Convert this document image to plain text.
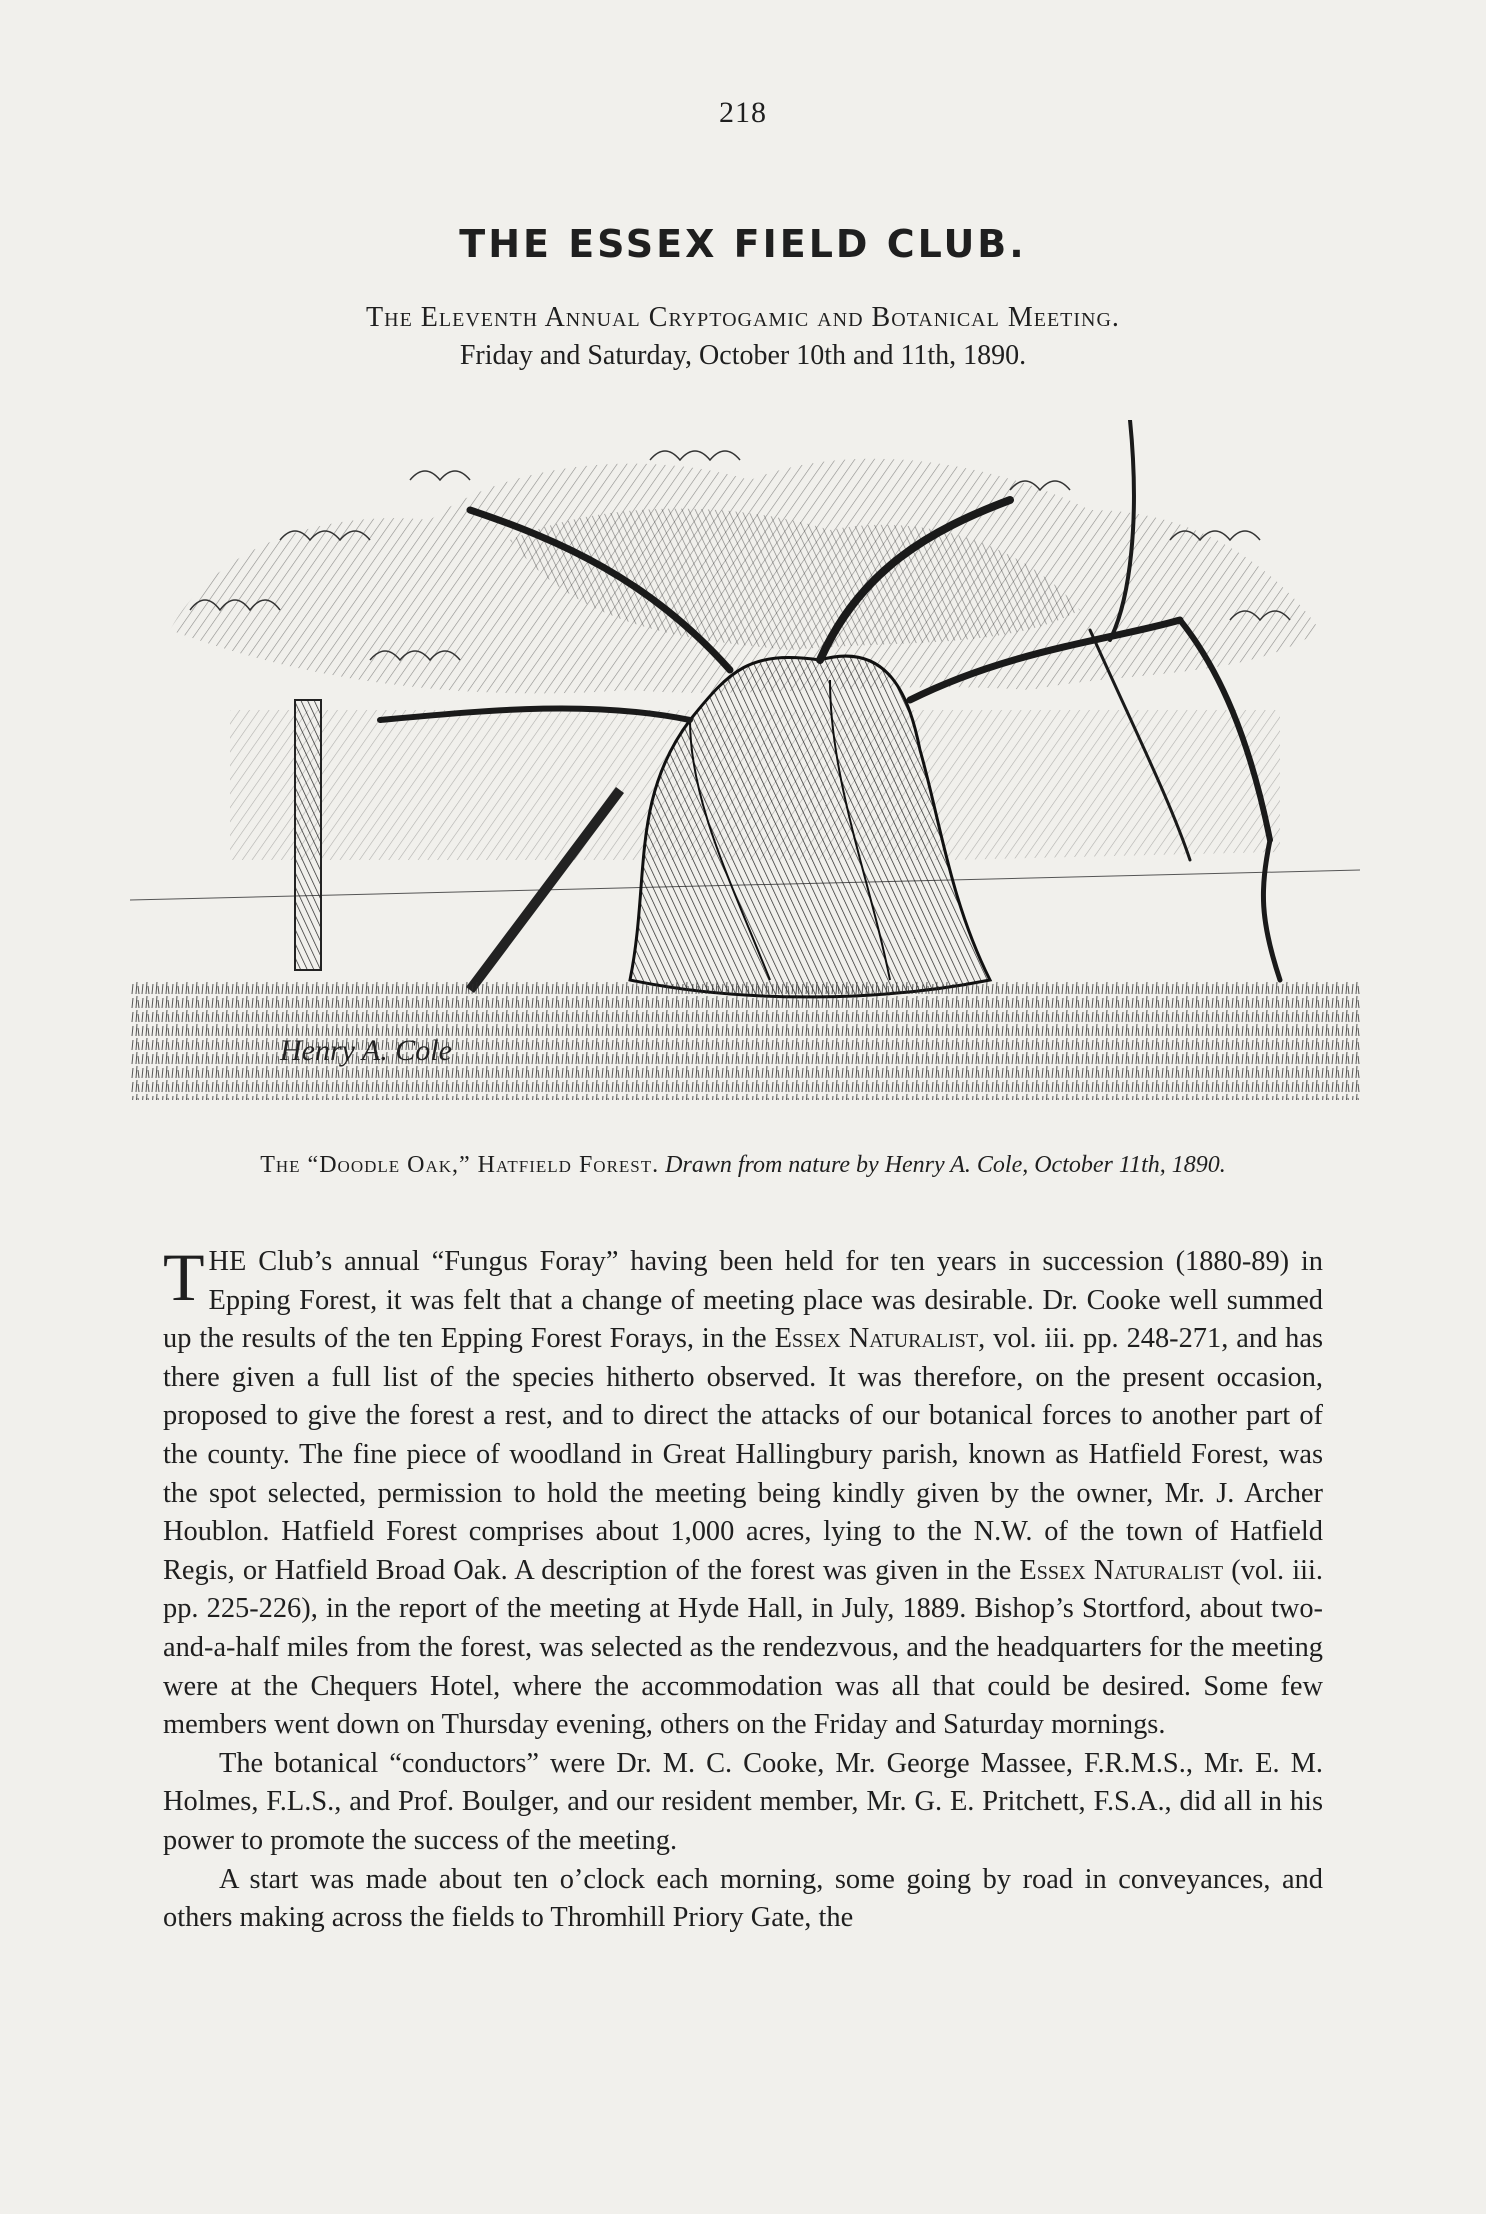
218
THE ESSEX FIELD CLUB.
The Eleventh Annual Cryptogamic and Botanical Meeting.
Friday and Saturday, October 10th and 11th, 1890.
Henry A. Cole
The “Doodle Oak,” Hatfield Forest. Drawn from nature by Henry A. Cole, October 11th, 1890.

THE Club’s annual “Fungus Foray” having been held for ten years in succession (1880-89) in Epping Forest, it was felt that a change of meeting place was desirable. Dr. Cooke well summed up the results of the ten Epping Forest Forays, in the Essex Naturalist, vol. iii. pp. 248-271, and has there given a full list of the species hitherto observed. It was therefore, on the present occasion, proposed to give the forest a rest, and to direct the attacks of our botanical forces to another part of the county. The fine piece of woodland in Great Hallingbury parish, known as Hatfield Forest, was the spot selected, permission to hold the meeting being kindly given by the owner, Mr. J. Archer Houblon. Hatfield Forest comprises about 1,000 acres, lying to the N.W. of the town of Hatfield Regis, or Hatfield Broad Oak. A description of the forest was given in the Essex Naturalist (vol. iii. pp. 225-226), in the report of the meeting at Hyde Hall, in July, 1889. Bishop’s Stortford, about two-and-a-half miles from the forest, was selected as the rendezvous, and the headquarters for the meeting were at the Chequers Hotel, where the accommodation was all that could be desired. Some few members went down on Thursday evening, others on the Friday and Saturday mornings.

The botanical “conductors” were Dr. M. C. Cooke, Mr. George Massee, F.R.M.S., Mr. E. M. Holmes, F.L.S., and Prof. Boulger, and our resident member, Mr. G. E. Pritchett, F.S.A., did all in his power to promote the success of the meeting.

A start was made about ten o’clock each morning, some going by road in conveyances, and others making across the fields to Thromhill Priory Gate, the
